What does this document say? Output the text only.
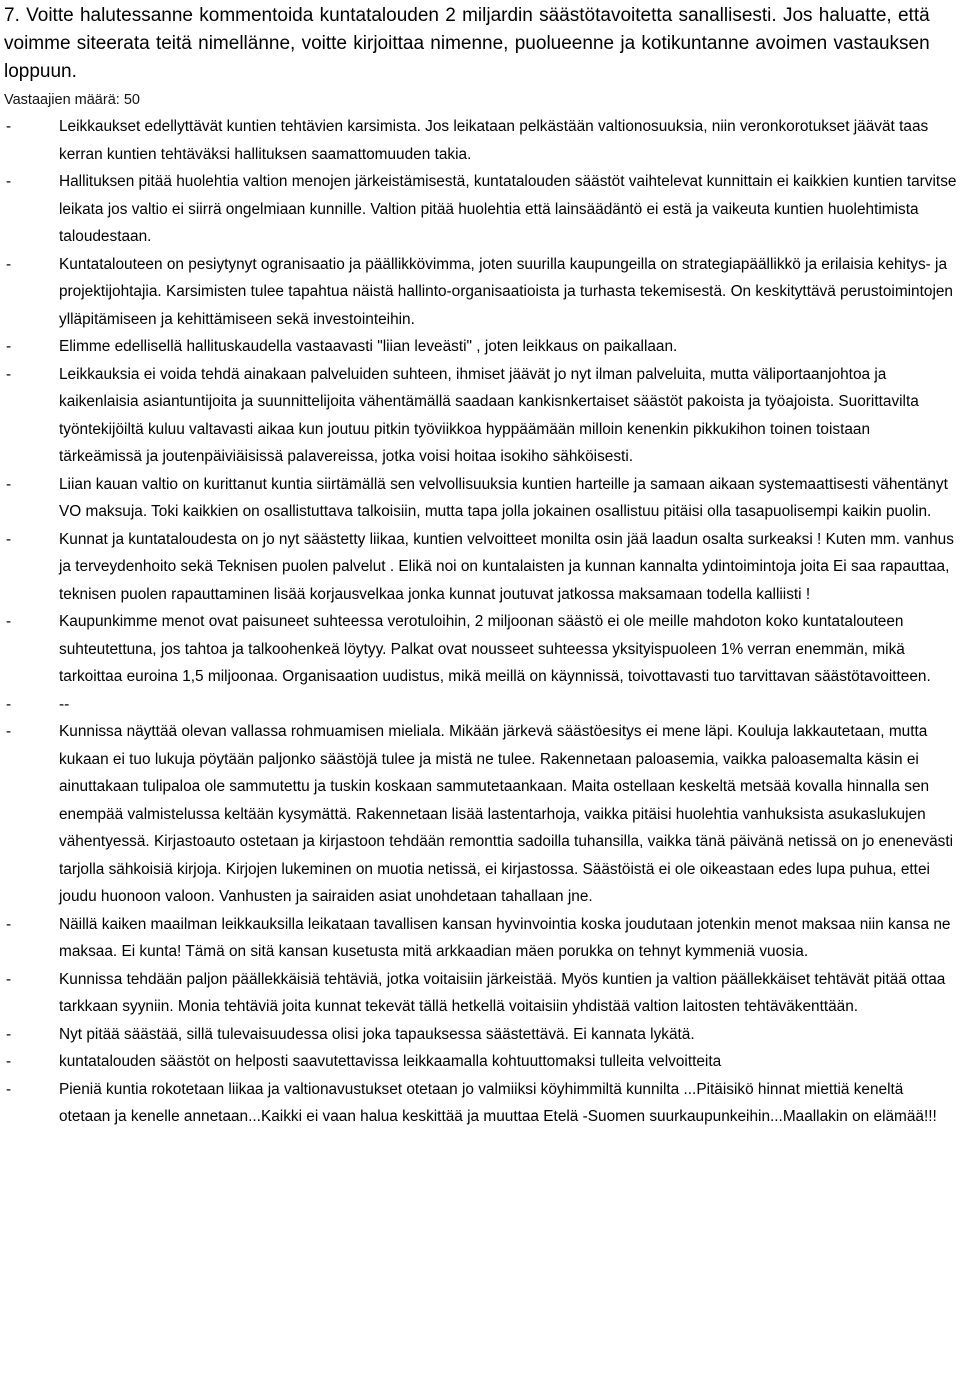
7. Voitte halutessanne kommentoida kuntatalouden 2 miljardin säästötavoitetta sanallisesti. Jos haluatte, että voimme siteerata teitä nimellänne, voitte kirjoittaa nimenne, puolueenne ja kotikuntanne avoimen vastauksen loppuun.

Vastaajien määrä: 50
-	Leikkaukset edellyttävät kuntien tehtävien karsimista. Jos leikataan pelkästään valtionosuuksia, niin veronkorotukset jäävät taas kerran kuntien tehtäväksi hallituksen saamattomuuden takia.
-	Hallituksen pitää huolehtia valtion menojen järkeistämisestä, kuntatalouden säästöt vaihtelevat kunnittain ei kaikkien kuntien tarvitse leikata jos valtio ei siirrä ongelmiaan kunnille. Valtion pitää huolehtia että lainsäädäntö ei estä ja vaikeuta kuntien huolehtimista taloudestaan.
-	Kuntatalouteen on pesiytynyt ogranisaatio ja päällikkövimma, joten suurilla kaupungeilla on strategiapäällikkö ja erilaisia kehitys- ja projektijohtajia. Karsimisten tulee tapahtua näistä hallinto-organisaatioista ja turhasta tekemisestä. On keskityttävä perustoimintojen ylläpitämiseen ja kehittämiseen sekä investointeihin.
-	Elimme edellisellä hallituskaudella vastaavasti "liian leveästi" , joten leikkaus on paikallaan.
-	Leikkauksia ei voida tehdä ainakaan palveluiden suhteen, ihmiset jäävät jo nyt ilman palveluita, mutta väliportaanjohtoa ja kaikenlaisia asiantuntijoita ja suunnittelijoita vähentämällä saadaan kankisnkertaiset säästöt pakoista ja työajoista. Suorittavilta työntekijöiltä kuluu valtavasti aikaa kun joutuu pitkin työviikkoa hyppäämään milloin kenenkin pikkukihon toinen toistaan tärkeämissä ja joutenpäiviäisissä palavereissa, jotka voisi hoitaa isokiho sähköisesti.
-	Liian kauan valtio on kurittanut kuntia siirtämällä sen velvollisuuksia kuntien harteille ja samaan aikaan systemaattisesti vähentänyt VO maksuja. Toki kaikkien on osallistuttava talkoisiin, mutta tapa jolla jokainen osallistuu pitäisi olla tasapuolisempi kaikin puolin.
-	Kunnat ja kuntataloudesta on jo nyt säästetty liikaa, kuntien velvoitteet monilta osin jää laadun osalta surkeaksi ! Kuten mm. vanhus ja terveydenhoito sekä Teknisen puolen palvelut . Elikä noi on kuntalaisten ja kunnan kannalta ydintoimintoja joita Ei saa rapauttaa, teknisen puolen rapauttaminen lisää korjausvelkaa jonka kunnat joutuvat jatkossa maksamaan todella kalliisti !
-	Kaupunkimme menot ovat paisuneet suhteessa verotuloihin, 2 miljoonan säästö ei ole meille mahdoton koko kuntatalouteen suhteutettuna, jos tahtoa ja talkoohenkeä löytyy. Palkat ovat nousseet suhteessa yksityispuoleen 1% verran enemmän, mikä tarkoittaa euroina 1,5 miljoonaa. Organisaation uudistus, mikä meillä on käynnissä, toivottavasti tuo tarvittavan säästötavoitteen.
-	--
-	Kunnissa näyttää olevan vallassa rohmuamisen mieliala. Mikään järkevä säästöesitys ei mene läpi. Kouluja lakkautetaan, mutta kukaan ei tuo lukuja pöytään paljonko säästöjä tulee ja mistä ne tulee. Rakennetaan paloasemia, vaikka paloasemalta käsin ei ainuttakaan tulipaloa ole sammutettu ja tuskin koskaan sammutetaankaan. Maita ostellaan keskeltä metsää kovalla hinnalla sen enempää valmistelussa keltään kysymättä. Rakennetaan lisää lastentarhoja, vaikka pitäisi huolehtia vanhuksista asukaslukujen vähentyessä. Kirjastoauto ostetaan ja kirjastoon tehdään remonttia sadoilla tuhansilla, vaikka tänä päivänä netissä on jo enenevästi tarjolla sähkoisiä kirjoja. Kirjojen lukeminen on muotia netissä, ei kirjastossa. Säästöistä ei ole oikeastaan edes lupa puhua, ettei joudu huonoon valoon. Vanhusten ja sairaiden asiat unohdetaan tahallaan jne.
-	Näillä kaiken maailman leikkauksilla leikataan tavallisen kansan hyvinvointia koska joudutaan jotenkin menot maksaa niin kansa ne maksaa. Ei kunta! Tämä on sitä kansan kusetusta mitä arkkaadian mäen porukka on tehnyt kymmeniä vuosia.
-	Kunnissa tehdään paljon päällekkäisiä tehtäviä, jotka voitaisiin järkeistää. Myös kuntien ja valtion päällekkäiset tehtävät pitää ottaa tarkkaan syyniin. Monia tehtäviä joita kunnat tekevät tällä hetkellä voitaisiin yhdistää valtion laitosten tehtäväkenttään.
-	Nyt pitää säästää, sillä tulevaisuudessa olisi joka tapauksessa säästettävä. Ei kannata lykätä.
-	kuntatalouden säästöt on helposti saavutettavissa leikkaamalla kohtuuttomaksi tulleita velvoitteita
-	Pieniä kuntia rokotetaan liikaa ja valtionavustukset otetaan jo valmiiksi köyhimmiltä kunnilta ...Pitäisikö hinnat miettiä keneltä otetaan ja kenelle annetaan...Kaikki ei vaan halua keskittää ja muuttaa Etelä -Suomen suurkaupunkeihin...Maallakin on elämää!!!
